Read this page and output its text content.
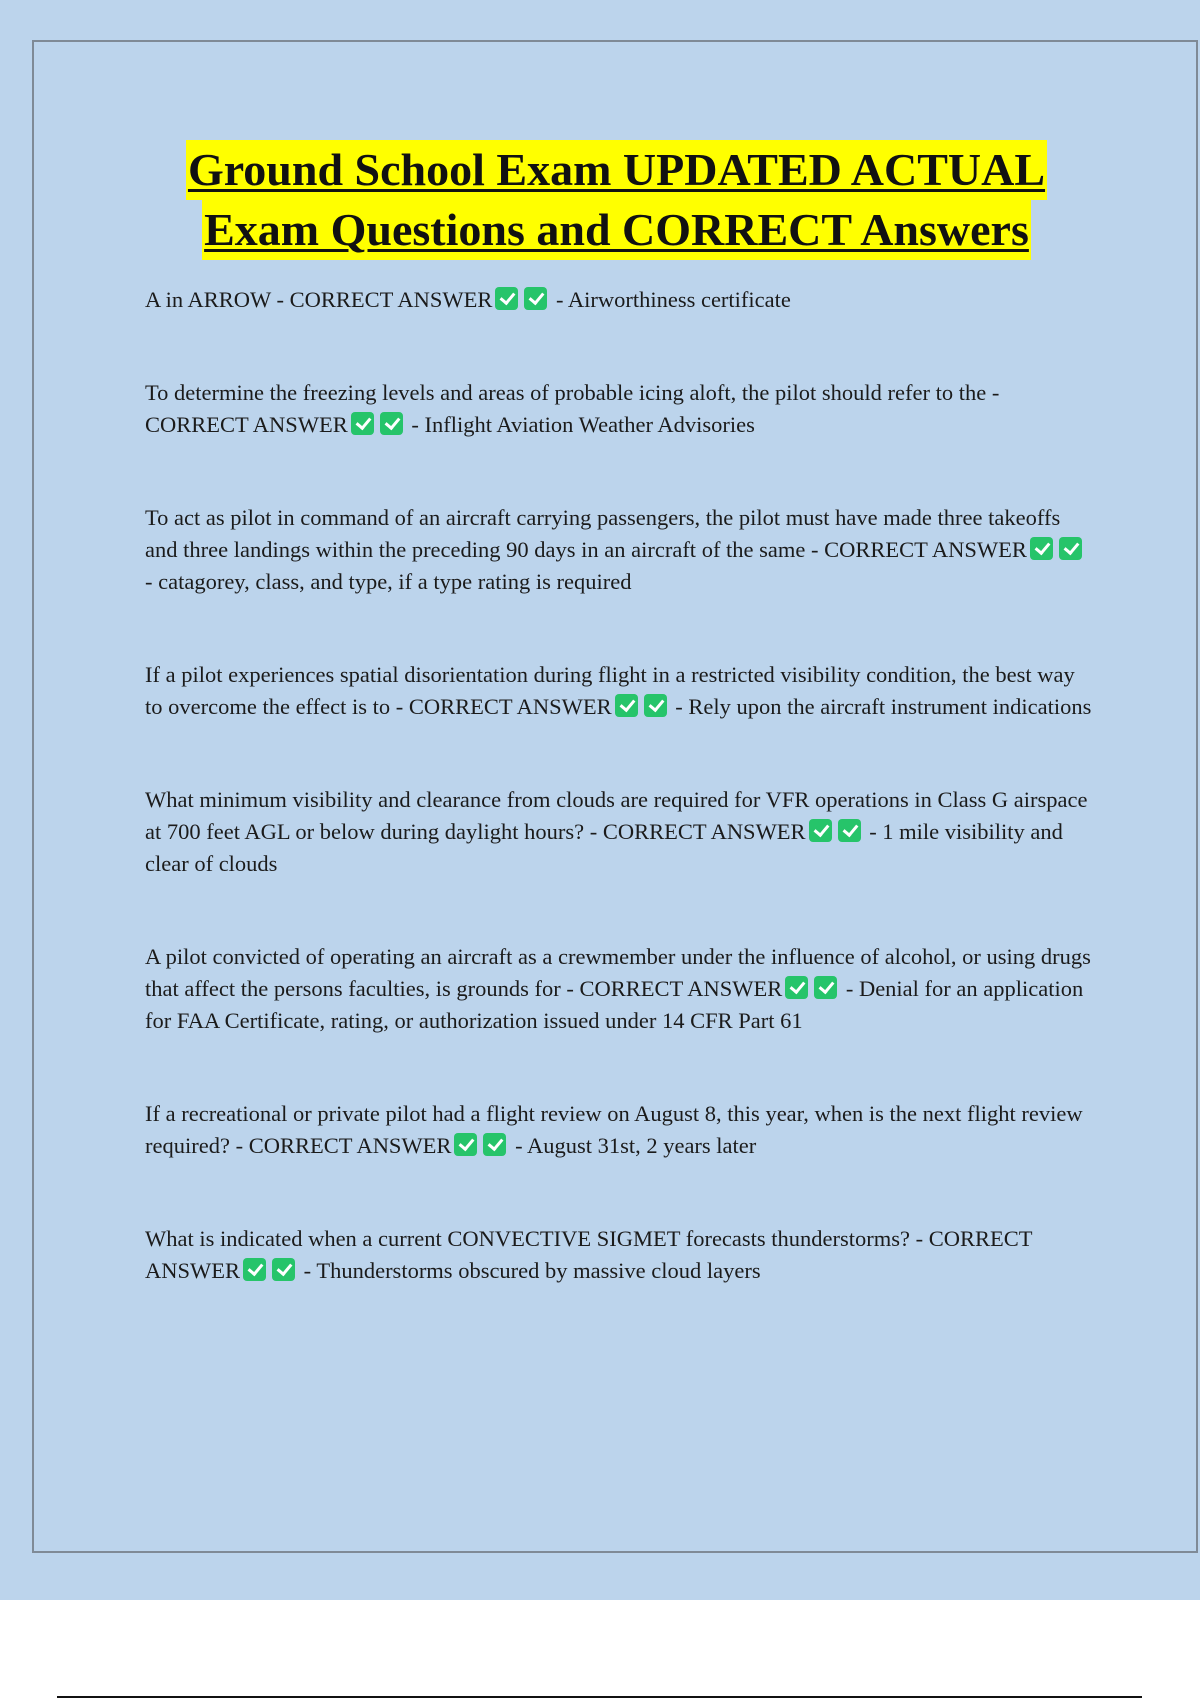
Ground School Exam UPDATED ACTUAL
Exam Questions and CORRECT Answers

A in ARROW - CORRECT ANSWER	- Airworthiness certificate

To determine the freezing levels and areas of probable icing aloft, the pilot should refer to the - CORRECT ANSWER	- Inflight Aviation Weather Advisories

To act as pilot in command of an aircraft carrying passengers, the pilot must have made three takeoffs and three landings within the preceding 90 days in an aircraft of the same - CORRECT ANSWER - catagorey, class, and type, if a type rating is required

If a pilot experiences spatial disorientation during flight in a restricted visibility condition, the best way to overcome the effect is to - CORRECT ANSWER	- Rely upon the aircraft instrument indications

What minimum visibility and clearance from clouds are required for VFR operations in Class G airspace at 700 feet AGL or below during daylight hours? - CORRECT ANSWER	- 1 mile visibility and clear of clouds

A pilot convicted of operating an aircraft as a crewmember under the influence of alcohol, or using drugs that affect the persons faculties, is grounds for - CORRECT ANSWER	- Denial for an application for FAA Certificate, rating, or authorization issued under 14 CFR Part 61

If a recreational or private pilot had a flight review on August 8, this year, when is the next flight review required? - CORRECT ANSWER	- August 31st, 2 years later

What is indicated when a current CONVECTIVE SIGMET forecasts thunderstorms? - CORRECT ANSWER	- Thunderstorms obscured by massive cloud layers
